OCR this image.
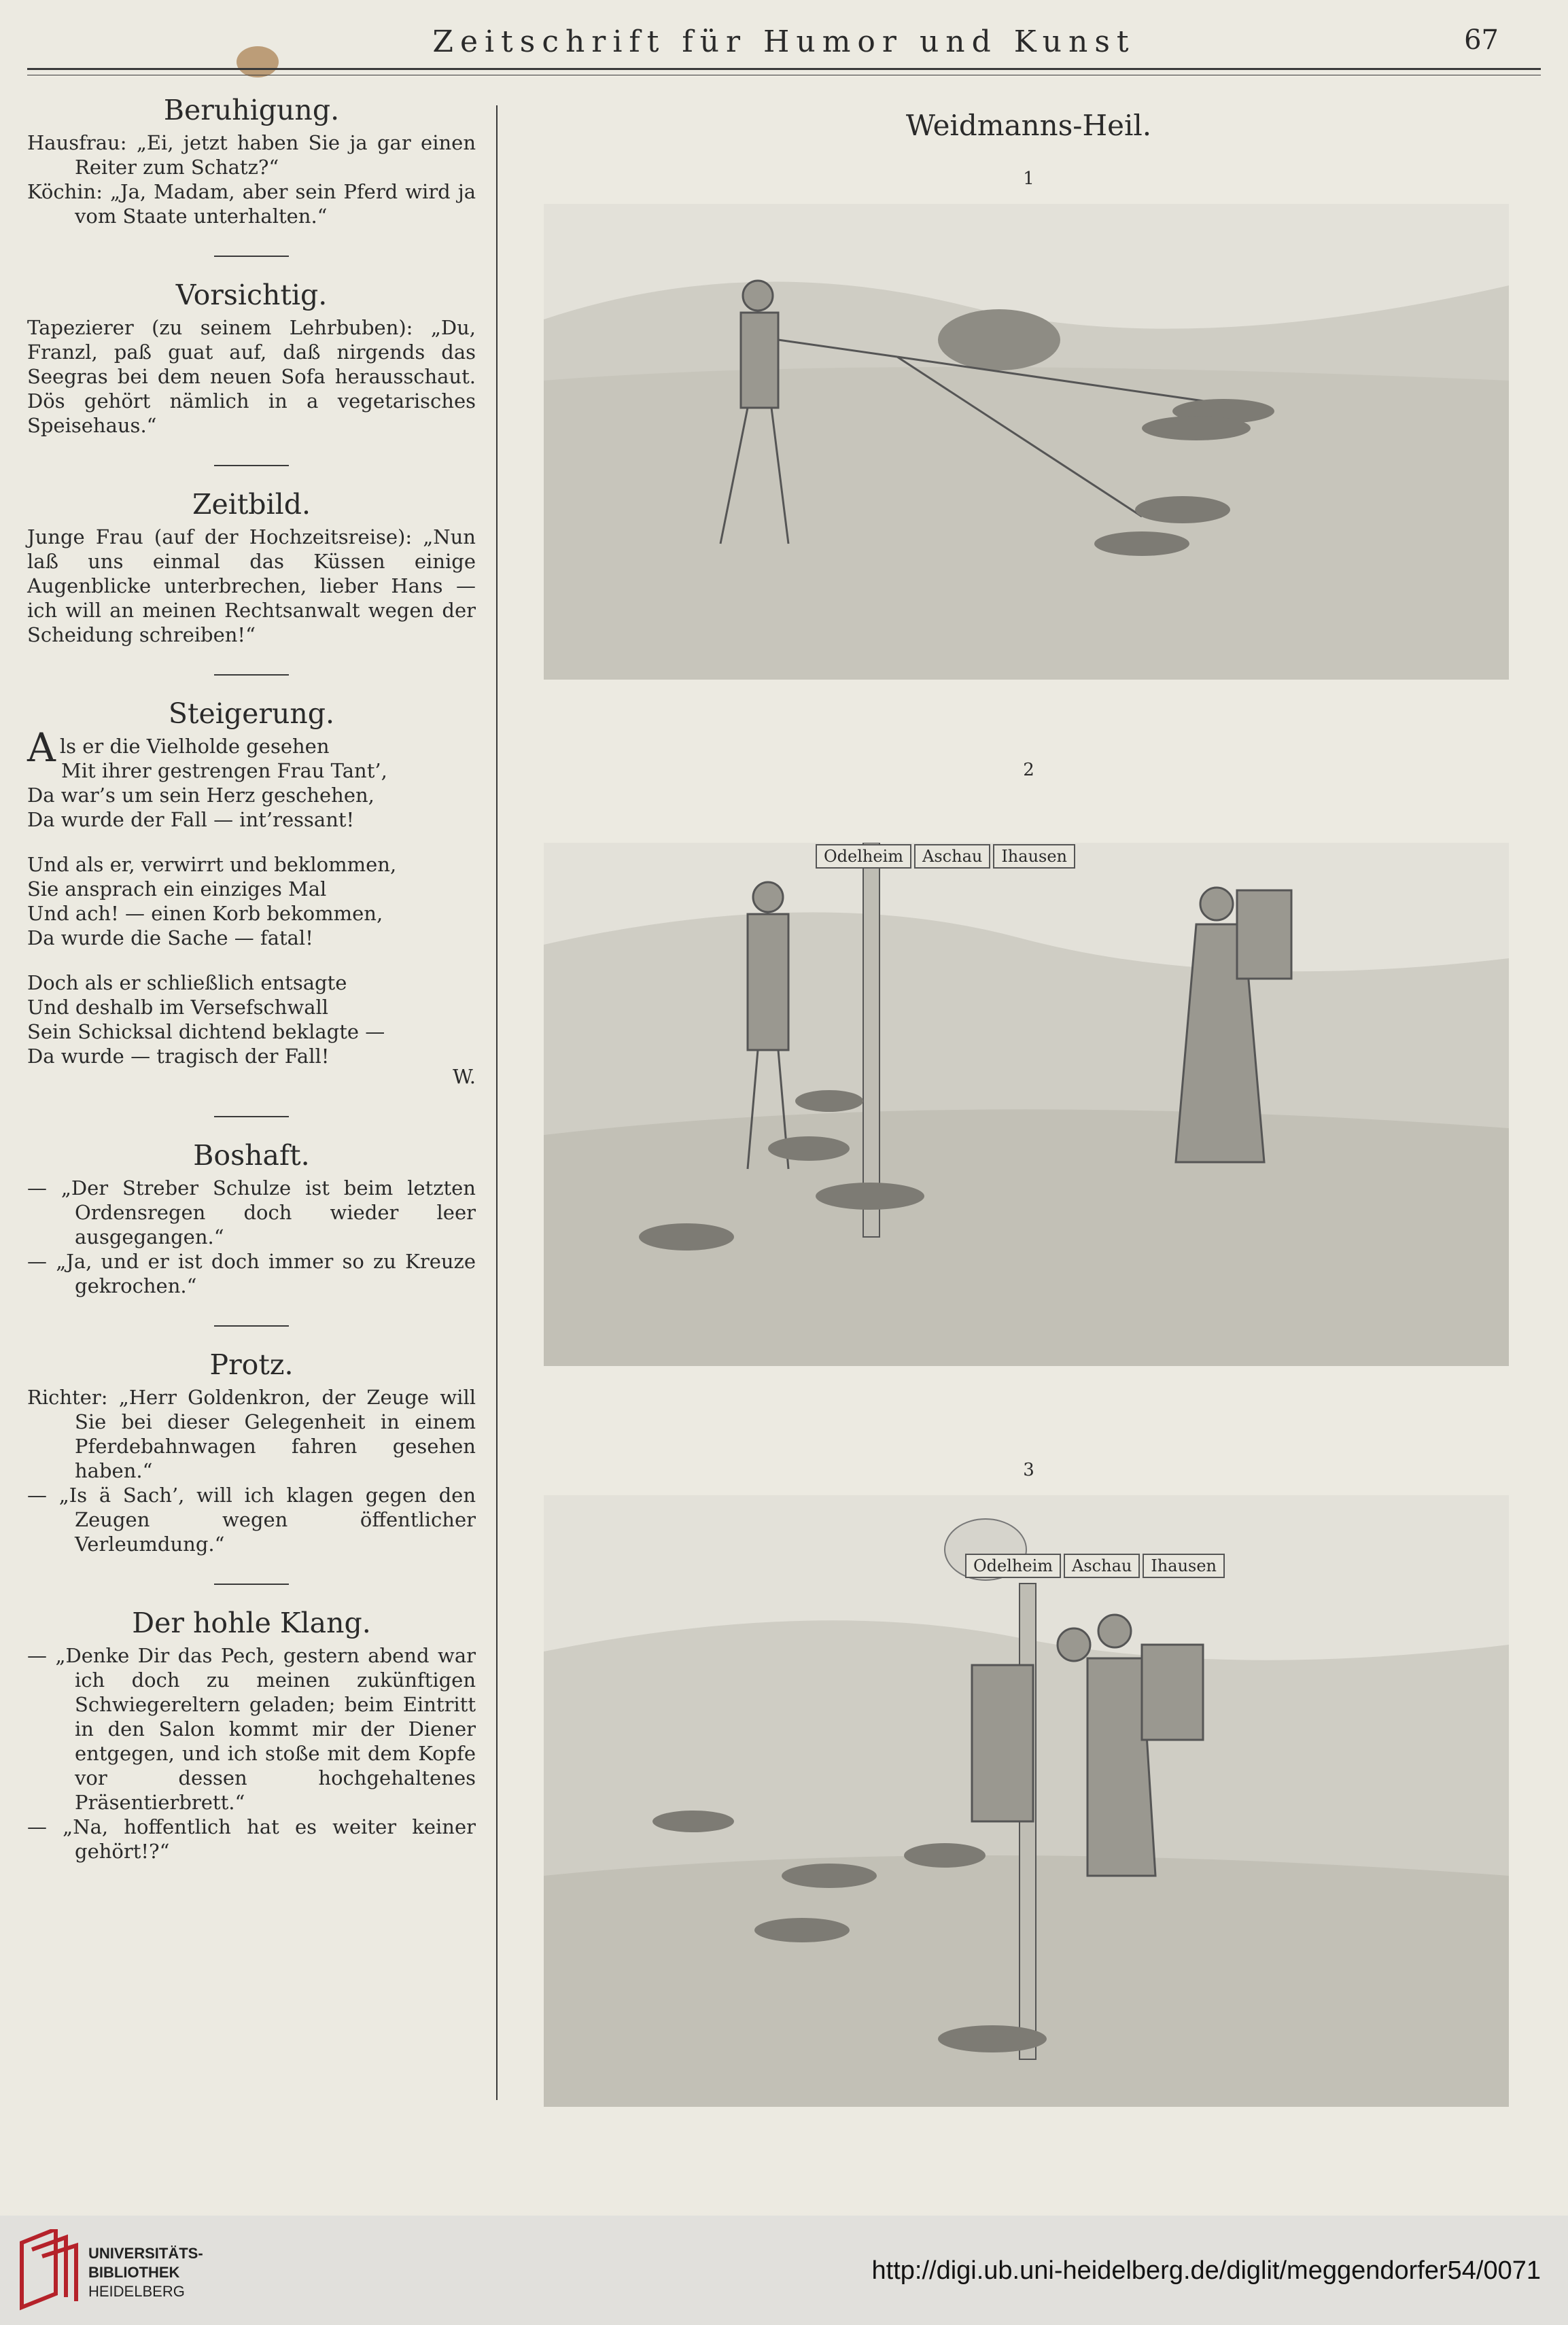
Zeitschrift für Humor und Kunst	67
Beruhigung.

Hausfrau: „Ei, jetzt haben Sie ja gar einen Reiter zum Schatz?“

Köchin: „Ja, Madam, aber sein Pferd wird ja vom Staate unterhalten.“

Vorsichtig.

Tapezierer (zu seinem Lehrbuben): „Du, Franzl, paß guat auf, daß nirgends das Seegras bei dem neuen Sofa herausschaut. Dös gehört nämlich in a vegetarisches Speisehaus.“

Zeitbild.

Junge Frau (auf der Hochzeitsreise): „Nun laß uns einmal das Küssen einige Augenblicke unterbrechen, lieber Hans — ich will an meinen Rechtsanwalt wegen der Scheidung schreiben!“

Steigerung.
A ls er die Vielholde gesehen

Mit ihrer gestrengen Frau Tant’,

Da war’s um sein Herz geschehen,

Da wurde der Fall — int’ressant!

Und als er, verwirrt und beklommen,

Sie ansprach ein einziges Mal

Und ach! — einen Korb bekommen,

Da wurde die Sache — fatal!

Doch als er schließlich entsagte

Und deshalb im Versefschwall

Sein Schicksal dichtend beklagte —

Da wurde — tragisch der Fall!

W.
Boshaft.

— „Der Streber Schulze ist beim letzten Ordensregen doch wieder leer ausgegangen.“

— „Ja, und er ist doch immer so zu Kreuze gekrochen.“

Protz.

Richter: „Herr Goldenkron, der Zeuge will Sie bei dieser Gelegenheit in einem Pferdebahnwagen fahren gesehen haben.“

— „Is ä Sach’, will ich klagen gegen den Zeugen wegen öffentlicher Verleumdung.“

Der hohle Klang.

— „Denke Dir das Pech, gestern abend war ich doch zu meinen zukünftigen Schwiegereltern geladen; beim Eintritt in den Salon kommt mir der Diener entgegen, und ich stoße mit dem Kopfe vor dessen hochgehaltenes Präsentierbrett.“

— „Na, hoffentlich hat es weiter keiner gehört!?“

Weidmanns-Heil.
1
2
Odelheim	Aschau	Ihausen
3
Odelheim	Aschau	Ihausen
UNIVERSITÄTS-
BIBLIOTHEK
HEIDELBERG
http://digi.ub.uni-heidelberg.de/diglit/meggendorfer54/0071
